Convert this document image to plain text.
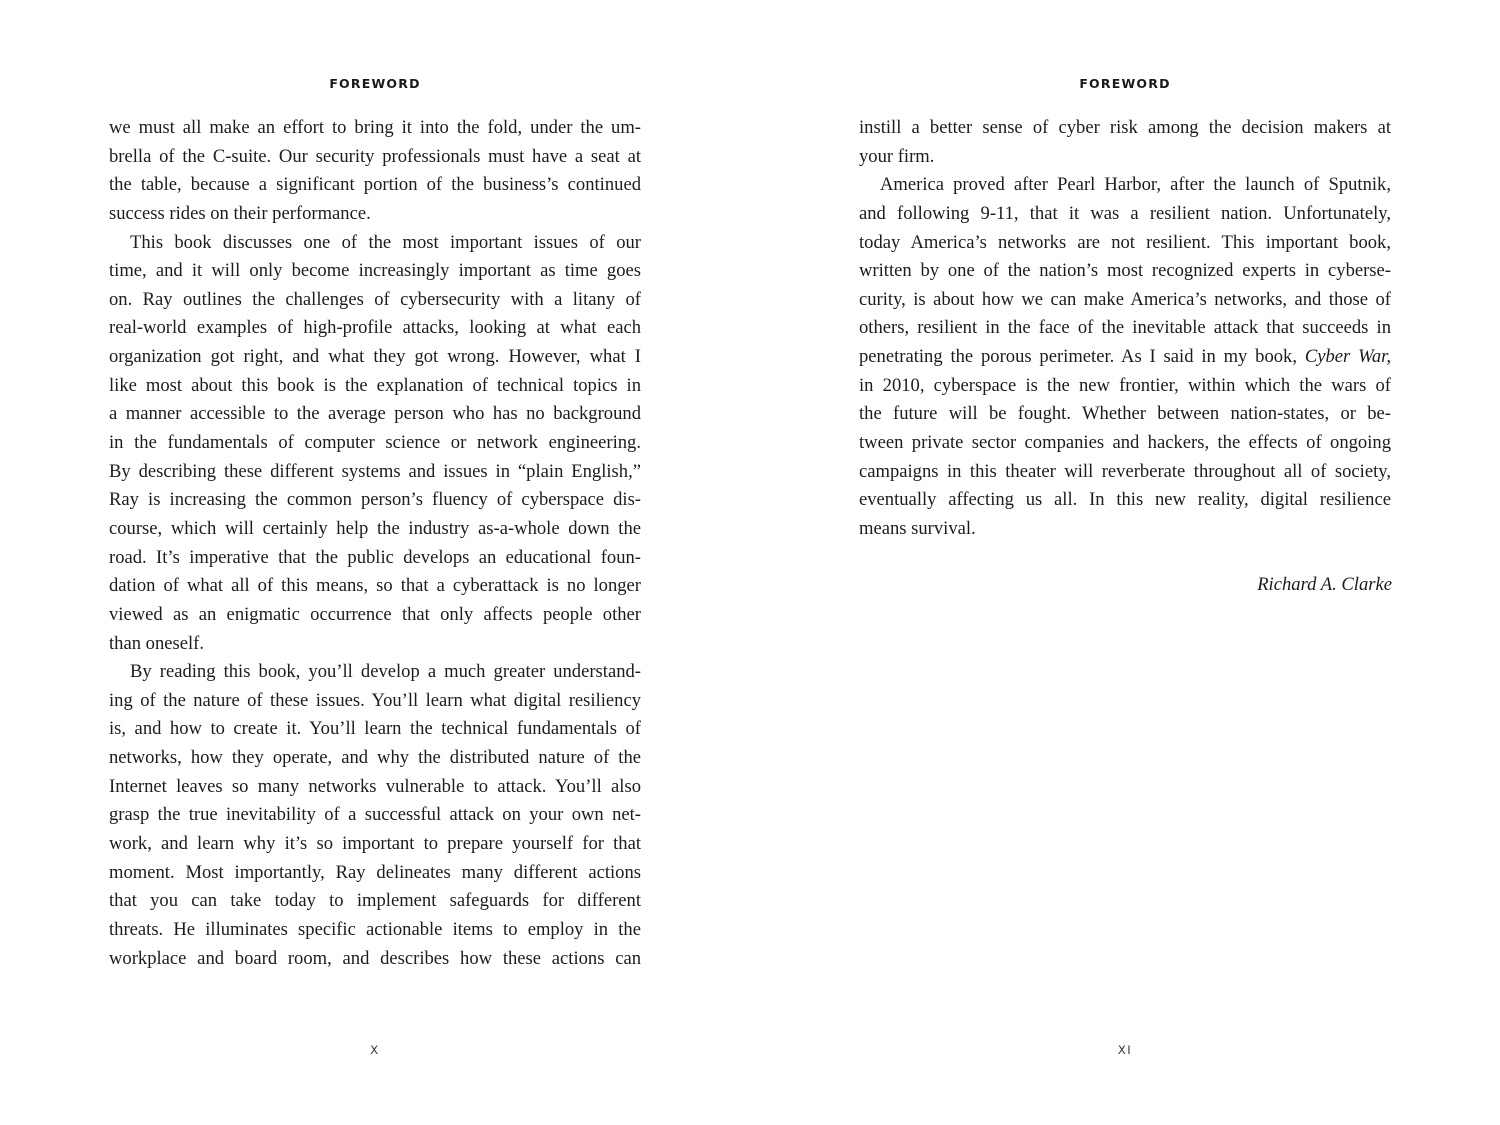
FOREWORD
we must all make an effort to bring it into the fold, under the um-
brella of the C-suite. Our security professionals must have a seat at
the table, because a significant portion of the business’s continued
success rides on their performance.
This book discusses one of the most important issues of our
time, and it will only become increasingly important as time goes
on. Ray outlines the challenges of cybersecurity with a litany of
real-world examples of high-profile attacks, looking at what each
organization got right, and what they got wrong. However, what I
like most about this book is the explanation of technical topics in
a manner accessible to the average person who has no background
in the fundamentals of computer science or network engineering.
By describing these different systems and issues in “plain English,”
Ray is increasing the common person’s fluency of cyberspace dis-
course, which will certainly help the industry as-a-whole down the
road. It’s imperative that the public develops an educational foun-
dation of what all of this means, so that a cyberattack is no longer
viewed as an enigmatic occurrence that only affects people other
than oneself.
By reading this book, you’ll develop a much greater understand-
ing of the nature of these issues. You’ll learn what digital resiliency
is, and how to create it. You’ll learn the technical fundamentals of
networks, how they operate, and why the distributed nature of the
Internet leaves so many networks vulnerable to attack. You’ll also
grasp the true inevitability of a successful attack on your own net-
work, and learn why it’s so important to prepare yourself for that
moment. Most importantly, Ray delineates many different actions
that you can take today to implement safeguards for different
threats. He illuminates specific actionable items to employ in the
workplace and board room, and describes how these actions can
X
FOREWORD
instill a better sense of cyber risk among the decision makers at
your firm.
America proved after Pearl Harbor, after the launch of Sputnik,
and following 9-11, that it was a resilient nation. Unfortunately,
today America’s networks are not resilient. This important book,
written by one of the nation’s most recognized experts in cyberse-
curity, is about how we can make America’s networks, and those of
others, resilient in the face of the inevitable attack that succeeds in
penetrating the porous perimeter. As I said in my book, Cyber War,
in 2010, cyberspace is the new frontier, within which the wars of
the future will be fought. Whether between nation-states, or be-
tween private sector companies and hackers, the effects of ongoing
campaigns in this theater will reverberate throughout all of society,
eventually affecting us all. In this new reality, digital resilience
means survival.
Richard A. Clarke
XI
